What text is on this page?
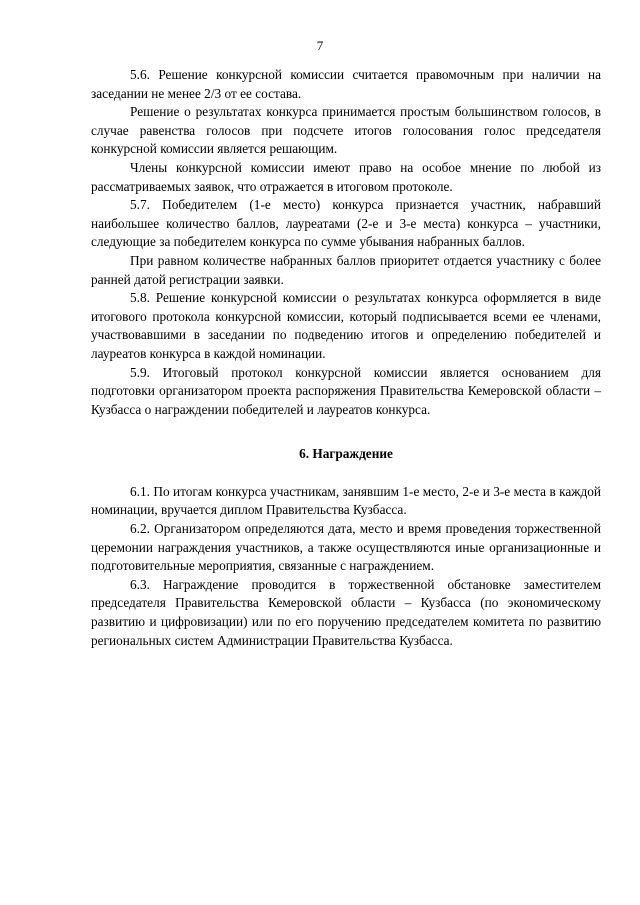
7

5.6. Решение конкурсной комиссии считается правомочным при наличии на заседании не менее 2/3 от ее состава.

Решение о результатах конкурса принимается простым большинством голосов, в случае равенства голосов при подсчете итогов голосования голос председателя конкурсной комиссии является решающим.

Члены конкурсной комиссии имеют право на особое мнение по любой из рассматриваемых заявок, что отражается в итоговом протоколе.

5.7. Победителем (1-е место) конкурса признается участник, набравший наибольшее количество баллов, лауреатами (2-е и 3-е места) конкурса – участники, следующие за победителем конкурса по сумме убывания набранных баллов.

При равном количестве набранных баллов приоритет отдается участнику с более ранней датой регистрации заявки.

5.8. Решение конкурсной комиссии о результатах конкурса оформляется в виде итогового протокола конкурсной комиссии, который подписывается всеми ее членами, участвовавшими в заседании по подведению итогов и определению победителей и лауреатов конкурса в каждой номинации.

5.9. Итоговый протокол конкурсной комиссии является основанием для подготовки организатором проекта распоряжения Правительства Кемеровской области – Кузбасса о награждении победителей и лауреатов конкурса.

6. Награждение

6.1. По итогам конкурса участникам, занявшим 1-е место, 2-е и 3-е места в каждой номинации, вручается диплом Правительства Кузбасса.

6.2. Организатором определяются дата, место и время проведения торжественной церемонии награждения участников, а также осуществляются иные организационные и подготовительные мероприятия, связанные с награждением.

6.3. Награждение проводится в торжественной обстановке заместителем председателя Правительства Кемеровской области – Кузбасса (по экономическому развитию и цифровизации) или по его поручению председателем комитета по развитию региональных систем Администрации Правительства Кузбасса.
